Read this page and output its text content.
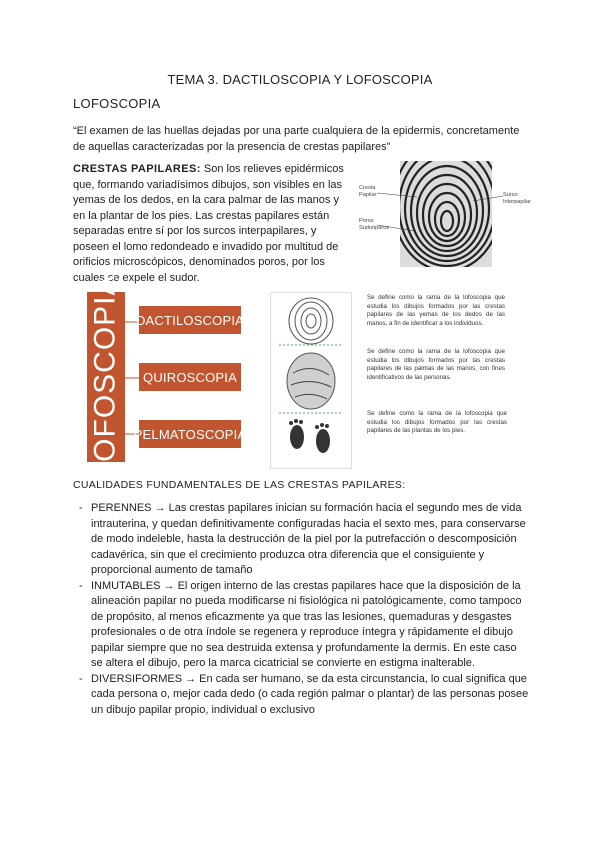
TEMA 3. DACTILOSCOPIA Y LOFOSCOPIA
LOFOSCOPIA
“El examen de las huellas dejadas por una parte cualquiera de la epidermis, concretamente de aquellas caracterizadas por la presencia de crestas papilares”
CRESTAS PAPILARES: Son los relieves epidérmicos que, formando variadísimos dibujos, son visibles en las yemas de los dedos, en la cara palmar de las manos y en la plantar de los pies. Las crestas papilares están separadas entre sí por los surcos interpapilares, y poseen el lomo redondeado e invadido por multitud de orificios microscópicos, denominados poros, por los cuales se expele el sudor.
Cresta
Papilar
Poros
Sudoriparos
Surco
Interpapilar
LOFOSCOPIA DACTILOSCOPIA
QUIROSCOPIA
PELMATOSCOPIA
Se define como la rama de la lofoscopia que estudia los dibujos formados por las crestas papilares de las yemas de los dedos de las manos, a fin de identificar a los individuos.
Se define como la rama de la lofoscopia que estudia los dibujos formados por las crestas papilares de las palmas de las manos, con fines identificativos de las personas.
Se define como la rama de la lofoscopia que estudia los dibujos formados por las crestas papilares de las plantas de los pies.
CUALIDADES FUNDAMENTALES DE LAS CRESTAS PAPILARES:
- PERENNES → Las crestas papilares inician su formación hacia el segundo mes de vida intrauterina, y quedan definitivamente configuradas hacia el sexto mes, para conservarse de modo indeleble, hasta la destrucción de la piel por la putrefacción o descomposición cadavérica, sin que el crecimiento produzca otra diferencia que el consiguiente y proporcional aumento de tamaño
- INMUTABLES → El origen interno de las crestas papilares hace que la disposición de la alineación papilar no pueda modificarse ni fisiológica ni patológicamente, como tampoco de propósito, al menos eficazmente ya que tras las lesiones, quemaduras y desgastes profesionales o de otra índole se regenera y reproduce íntegra y rápidamente el dibujo papilar siempre que no sea destruida extensa y profundamente la dermis. En este caso se altera el dibujo, pero la marca cicatricial se convierte en estigma inalterable.
- DIVERSIFORMES → En cada ser humano, se da esta circunstancia, lo cual significa que cada persona o, mejor cada dedo (o cada región palmar o plantar) de las personas posee un dibujo papilar propio, individual o exclusivo
